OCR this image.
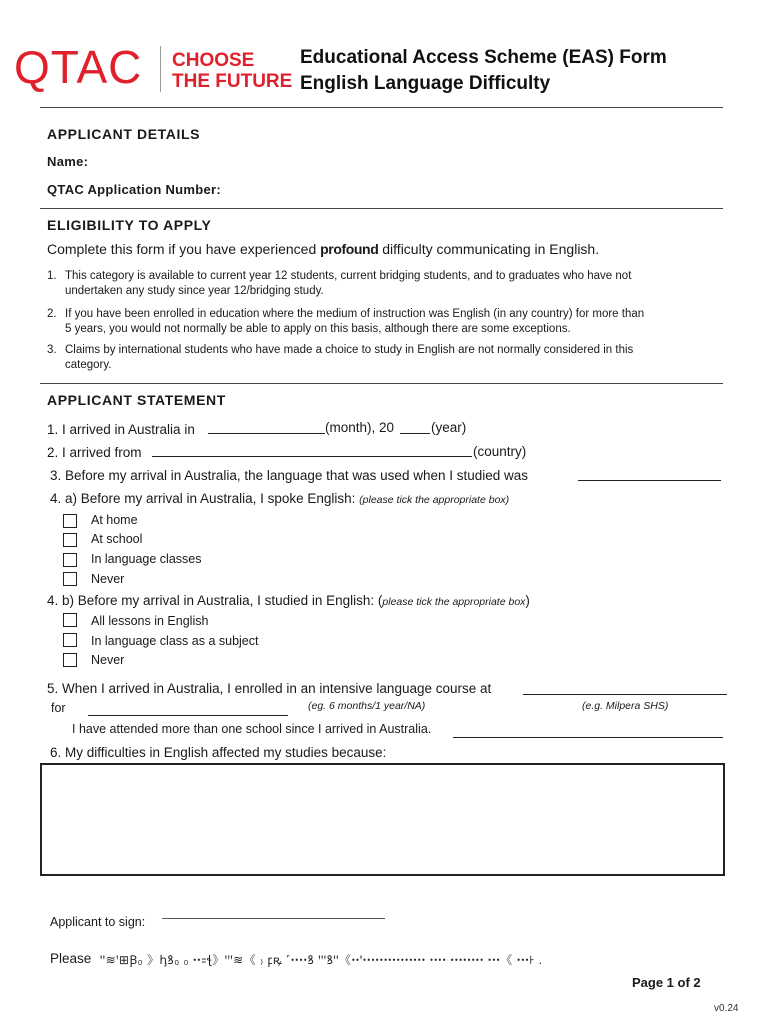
QTAC CHOOSE
THE FUTURE
Educational Access Scheme (EAS) Form
English Language Difficulty
APPLICANT DETAILS
Name:
QTAC Application Number:
ELIGIBILITY TO APPLY
Complete this form if you have experienced profound difficulty communicating in English.
1. This category is available to current year 12 students, current bridging students, and to graduates who have not
undertaken any study since year 12/bridging study.
2. If you have been enrolled in education where the medium of instruction was English (in any country) for more than
5 years, you would not normally be able to apply on this basis, although there are some exceptions.
3. Claims by international students who have made a choice to study in English are not normally considered in this
category.
APPLICANT STATEMENT
1. I arrived in Australia in	(month), 20	(year)
2. I arrived from	(country)
3. Before my arrival in Australia, the language that was used when I studied was
4. a) Before my arrival in Australia, I spoke English: (please tick the appropriate box)
At home
At school
In language classes
Never
4. b) Before my arrival in Australia, I studied in English: (please tick the appropriate box)
All lessons in English
In language class as a subject
Never
5. When I arrived in Australia, I enrolled in an intensive language course at
for	(eg. 6 months/1 year/NA)	(e.g. Milpera SHS)
I have attended more than one school since I arrived in Australia.
6. My difficulties in English affected my studies because:
Applicant to sign:
Please ꞌꞌ≋ꞌ⊞Ꞵ₀ 》ꞕꝸ₀ ₀ ꞏꞏ꞊ꞎ》ꞌꞌꞌ≋《 ₎ ꝼꝶ ˹ꞏꞏꞏꞏꝸ ꞌꞌꞌꝸꞌꞌ《ꞏꞏꞌꞏꞏꞏꞏꞏꞏꞏꞏꞏꞏꞏꞏꞏꞏꞏ ꞏꞏꞏꞏ ꞏꞏꞏꞏꞏꞏꞏꞏ ꞏꞏꞏ《 ꞏꞏꞏ꜔ .
Page 1 of 2
v0.24
